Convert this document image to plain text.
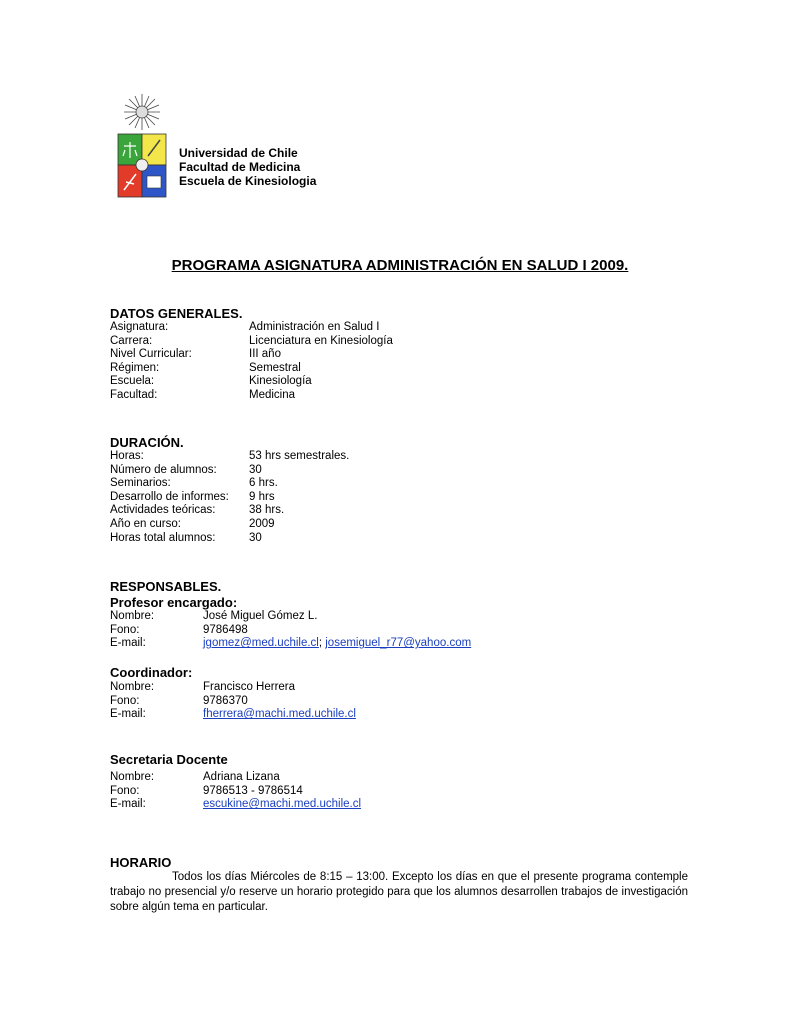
Universidad de Chile
Facultad de Medicina
Escuela de Kinesiologia
PROGRAMA ASIGNATURA ADMINISTRACIÓN EN SALUD I 2009.
DATOS GENERALES.
Asignatura:	Administración en Salud I
Carrera:	Licenciatura en Kinesiología
Nivel Curricular:	III año
Régimen:	Semestral
Escuela:	Kinesiología
Facultad:	Medicina
DURACIÓN.
Horas:	53 hrs semestrales.
Número de alumnos:	30
Seminarios:	6 hrs.
Desarrollo de informes: 9 hrs
Actividades teóricas:	38 hrs.
Año en curso:	2009
Horas total alumnos:	30
RESPONSABLES.
Profesor encargado:
Nombre:	José Miguel Gómez L.
Fono:	9786498
E-mail:	jgomez@med.uchile.cl; josemiguel_r77@yahoo.com
Coordinador:
Nombre:	Francisco Herrera
Fono:	9786370
E-mail:	fherrera@machi.med.uchile.cl
Secretaria Docente
Nombre:	Adriana Lizana
Fono:	9786513 - 9786514
E-mail:	escukine@machi.med.uchile.cl
HORARIO
Todos los días Miércoles de 8:15 – 13:00. Excepto los días en que el presente programa contemple trabajo no presencial y/o reserve un horario protegido para que los alumnos desarrollen trabajos de investigación sobre algún tema en particular.
